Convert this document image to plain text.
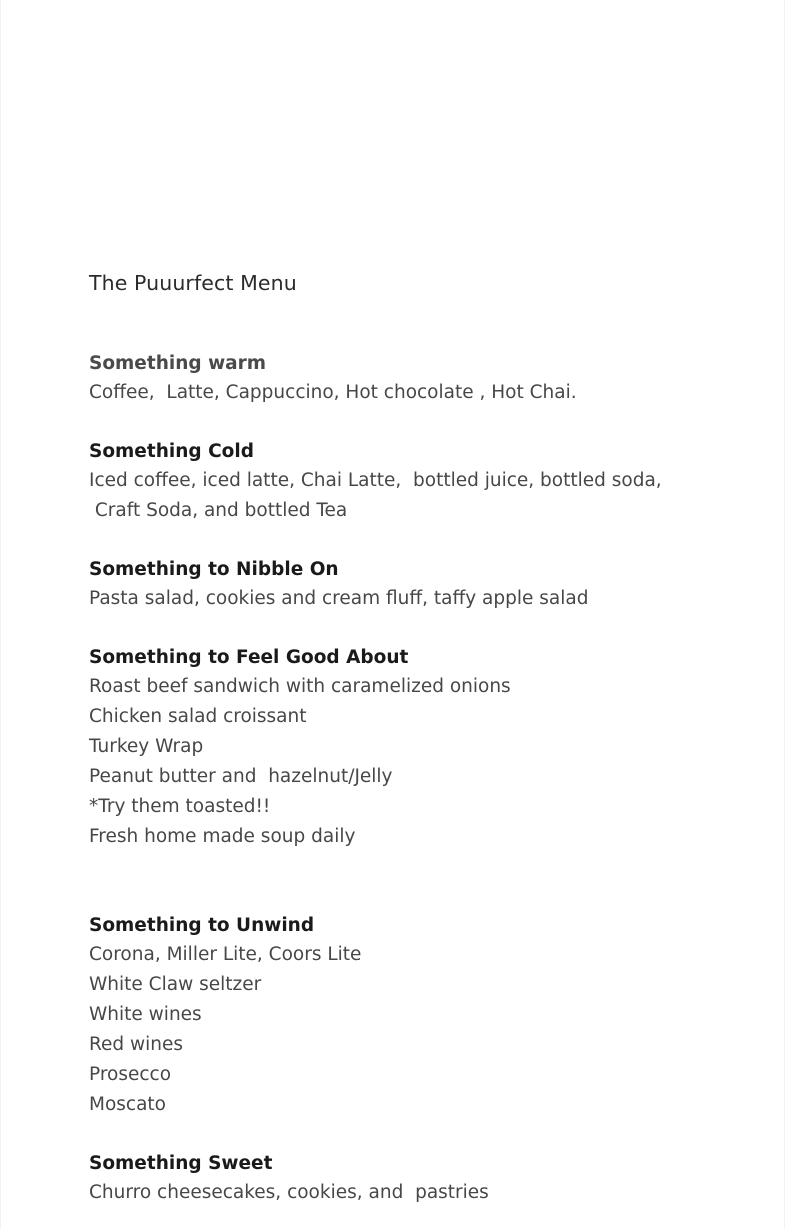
The Puuurfect Menu
Something warm
Coffee,  Latte, Cappuccino, Hot chocolate , Hot Chai.
Something Cold
Iced coffee, iced latte, Chai Latte,  bottled juice, bottled soda,
Craft Soda, and bottled Tea
Something to Nibble On
Pasta salad, cookies and cream fluff, taffy apple salad
Something to Feel Good About
Roast beef sandwich with caramelized onions
Chicken salad croissant
Turkey Wrap
Peanut butter and  hazelnut/Jelly
*Try them toasted!!
Fresh home made soup daily
Something to Unwind
Corona, Miller Lite, Coors Lite
White Claw seltzer
White wines
Red wines
Prosecco
Moscato
Something Sweet
Churro cheesecakes, cookies, and  pastries
